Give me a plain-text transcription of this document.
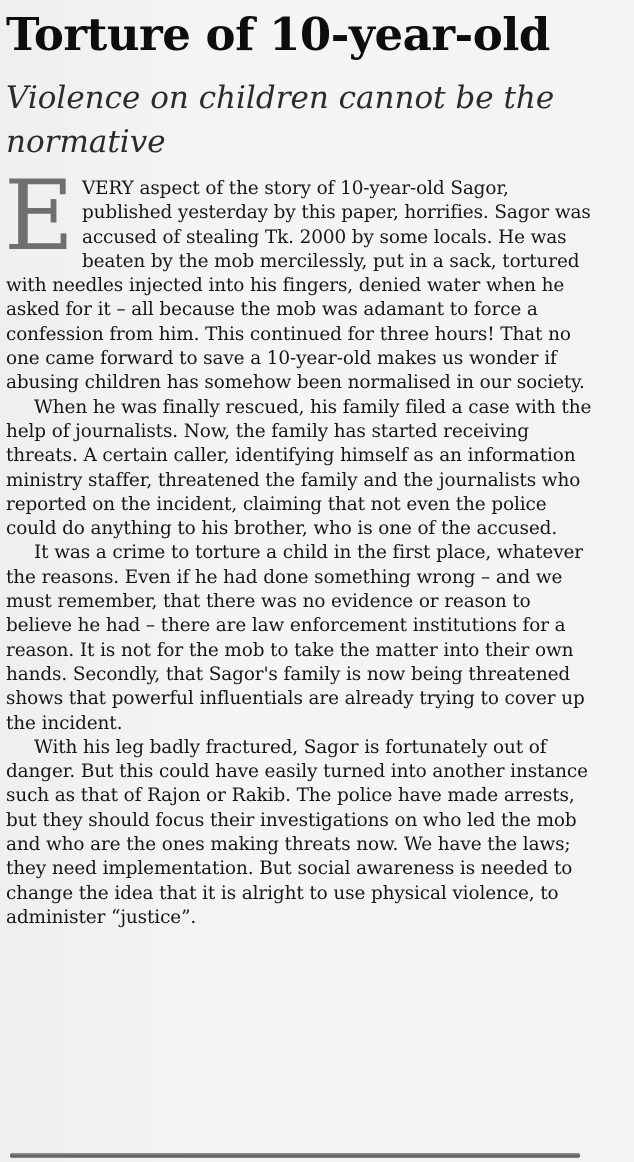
Torture of 10-year-old
Violence on children cannot be the normative

EVERY aspect of the story of 10-year-old Sagor, published yesterday by this paper, horrifies. Sagor was accused of stealing Tk. 2000 by some locals. He was beaten by the mob mercilessly, put in a sack, tortured with needles injected into his fingers, denied water when he asked for it – all because the mob was adamant to force a confession from him. This continued for three hours! That no one came forward to save a 10-year-old makes us wonder if abusing children has somehow been normalised in our society.

When he was finally rescued, his family filed a case with the help of journalists. Now, the family has started receiving threats. A certain caller, identifying himself as an information ministry staffer, threatened the family and the journalists who reported on the incident, claiming that not even the police could do anything to his brother, who is one of the accused.

It was a crime to torture a child in the first place, whatever the reasons. Even if he had done something wrong – and we must remember, that there was no evidence or reason to believe he had – there are law enforcement institutions for a reason. It is not for the mob to take the matter into their own hands. Secondly, that Sagor's family is now being threatened shows that powerful influentials are already trying to cover up the incident.

With his leg badly fractured, Sagor is fortunately out of danger. But this could have easily turned into another instance such as that of Rajon or Rakib. The police have made arrests, but they should focus their investigations on who led the mob and who are the ones making threats now. We have the laws; they need implementation. But social awareness is needed to change the idea that it is alright to use physical violence, to administer “justice”.
